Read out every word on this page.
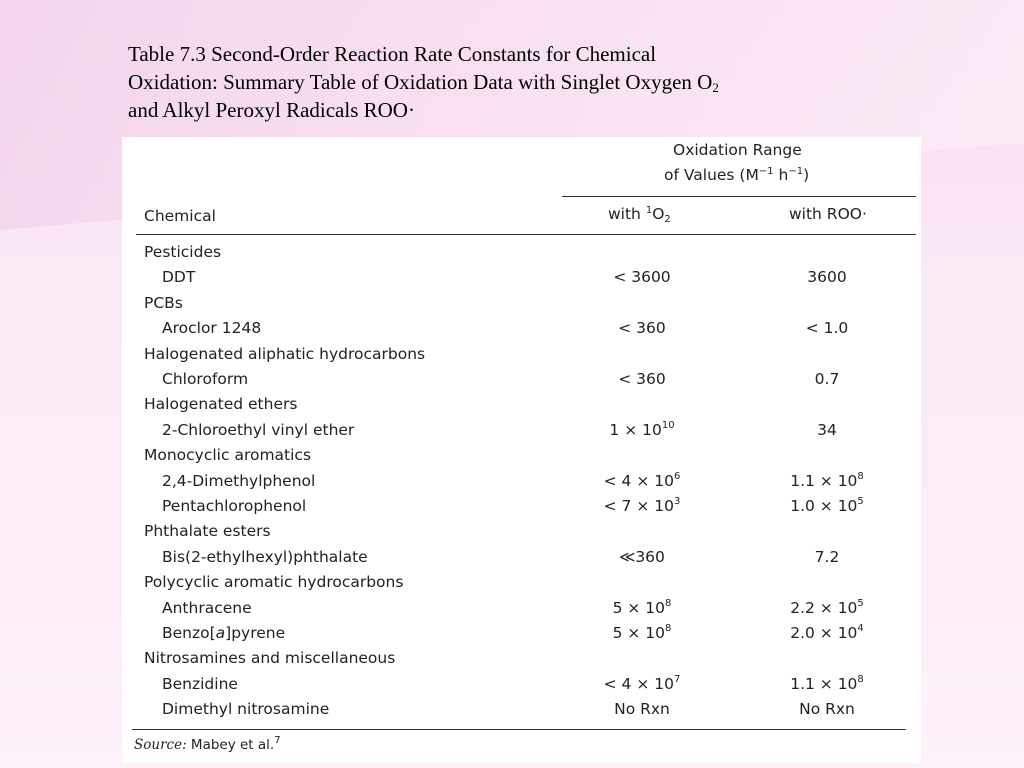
Table 7.3 Second-Order Reaction Rate Constants for Chemical
Oxidation: Summary Table of Oxidation Data with Singlet Oxygen $O_2$
and Alkyl Peroxyl Radicals ROO·
Oxidation Range
of Values ($M^{-1}$ $h^{-1}$)
Chemical	with $^1O_2$	with ROO·
Pesticides
DDT	< 3600	3600
PCBs
Aroclor 1248	< 360	< 1.0
Halogenated aliphatic hydrocarbons
Chloroform	< 360	0.7
Halogenated ethers
2-Chloroethyl vinyl ether	$1 \times 10^{10}$	34
Monocyclic aromatics
2,4-Dimethylphenol	< $4 \times 10^6$	$1.1 \times 10^8$
Pentachlorophenol	< $7 \times 10^3$	$1.0 \times 10^5$
Phthalate esters
Bis(2-ethylhexyl)phthalate	≪360	7.2
Polycyclic aromatic hydrocarbons
Anthracene	$5 \times 10^8$	$2.2 \times 10^5$
Benzo[a]pyrene	$5 \times 10^8$	$2.0 \times 10^4$
Nitrosamines and miscellaneous
Benzidine	< $4 \times 10^7$	$1.1 \times 10^8$
Dimethyl nitrosamine	No Rxn	No Rxn
Source: Mabey et al.$^7$
